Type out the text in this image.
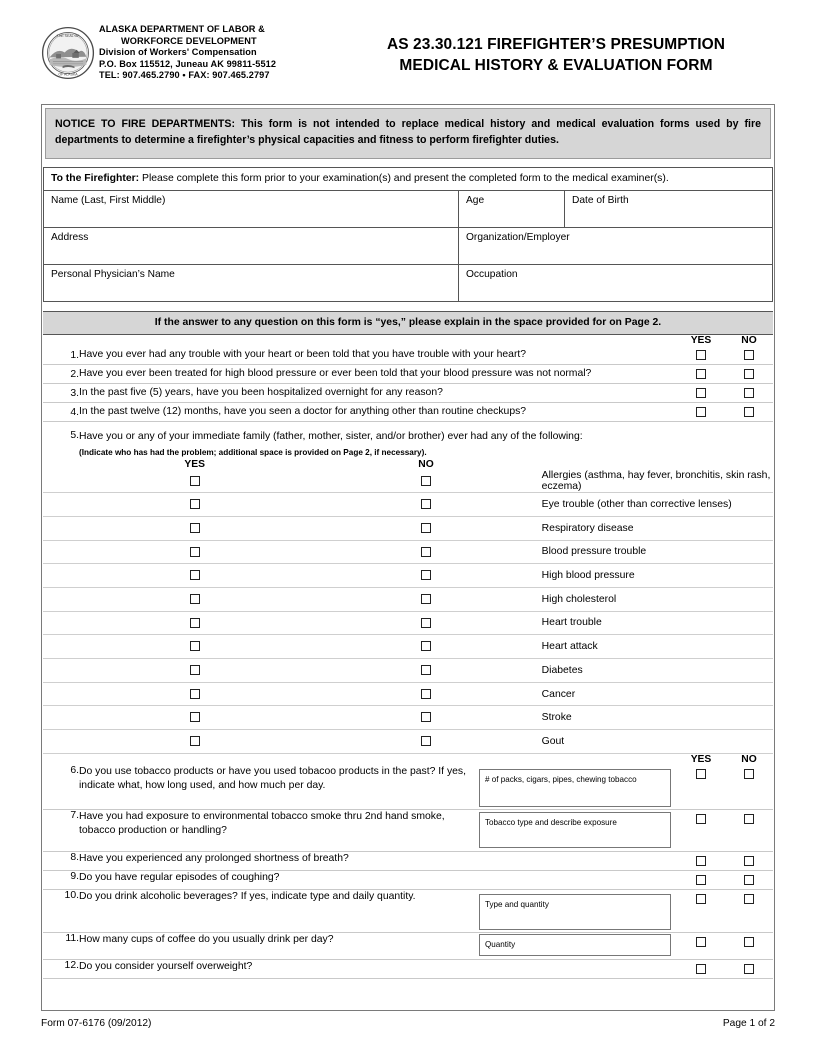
THE SEAL OF
OF ALASKA
ALASKA DEPARTMENT OF LABOR &
WORKFORCE DEVELOPMENT
Division of Workers' Compensation
P.O. Box 115512, Juneau AK 99811-5512
TEL: 907.465.2790 • FAX: 907.465.2797
AS 23.30.121 FIREFIGHTER’S PRESUMPTION
MEDICAL HISTORY & EVALUATION FORM
NOTICE TO FIRE DEPARTMENTS: This form is not intended to replace medical history and medical evaluation forms used by fire departments to determine a firefighter’s physical capacities and fitness to perform firefighter duties.
To the Firefighter: Please complete this form prior to your examination(s) and present the completed form to the medical examiner(s).
Name (Last, First Middle)	Age	Date of Birth

Address	Organization/Employer	

Personal Physician’s Name	Occupation	
If the answer to any question on this form is “yes,” please explain in the space provided for on Page 2.
		YES	NO
1.	Have you ever had any trouble with your heart or been told that you have trouble with your heart?		
2.	Have you ever been treated for high blood pressure or ever been told that your blood pressure was not normal?		
3.	In the past five (5) years, have you been hospitalized overnight for any reason?		
4.	In the past twelve (12) months, have you seen a doctor for anything other than routine checkups?		
5.	Have you or any of your immediate family (father, mother, sister, and/or brother) ever had any of the following:
(Indicate who has had the problem; additional space is provided on Page 2, if necessary).		

	YES	NO	
			Allergies (asthma, hay fever, bronchitis, skin rash, eczema)
			Eye trouble (other than corrective lenses)
			Respiratory disease
			Blood pressure trouble
			High blood pressure
			High cholesterol
			Heart trouble
			Heart attack
			Diabetes
			Cancer
			Stroke
			Gout
			YES	NO
6.	Do you use tobacco products or have you used tobacoo products in the past? If yes, indicate what, how long used, and how much per day.	# of packs, cigars, pipes, chewing tobacco		

7.	Have you had exposure to environmental tobacco smoke thru 2nd hand smoke, tobacco production or handling?	Tobacco type and describe exposure		

8.	Have you experienced any prolonged shortness of breath?			
9.	Do you have regular episodes of coughing?			
10.	Do you drink alcoholic beverages? If yes, indicate type and daily quantity.	Type and quantity		

11.	How many cups of coffee do you usually drink per day?	Quantity		

12.	Do you consider yourself overweight?			
Form 07-6176 (09/2012)	Page 1 of 2
